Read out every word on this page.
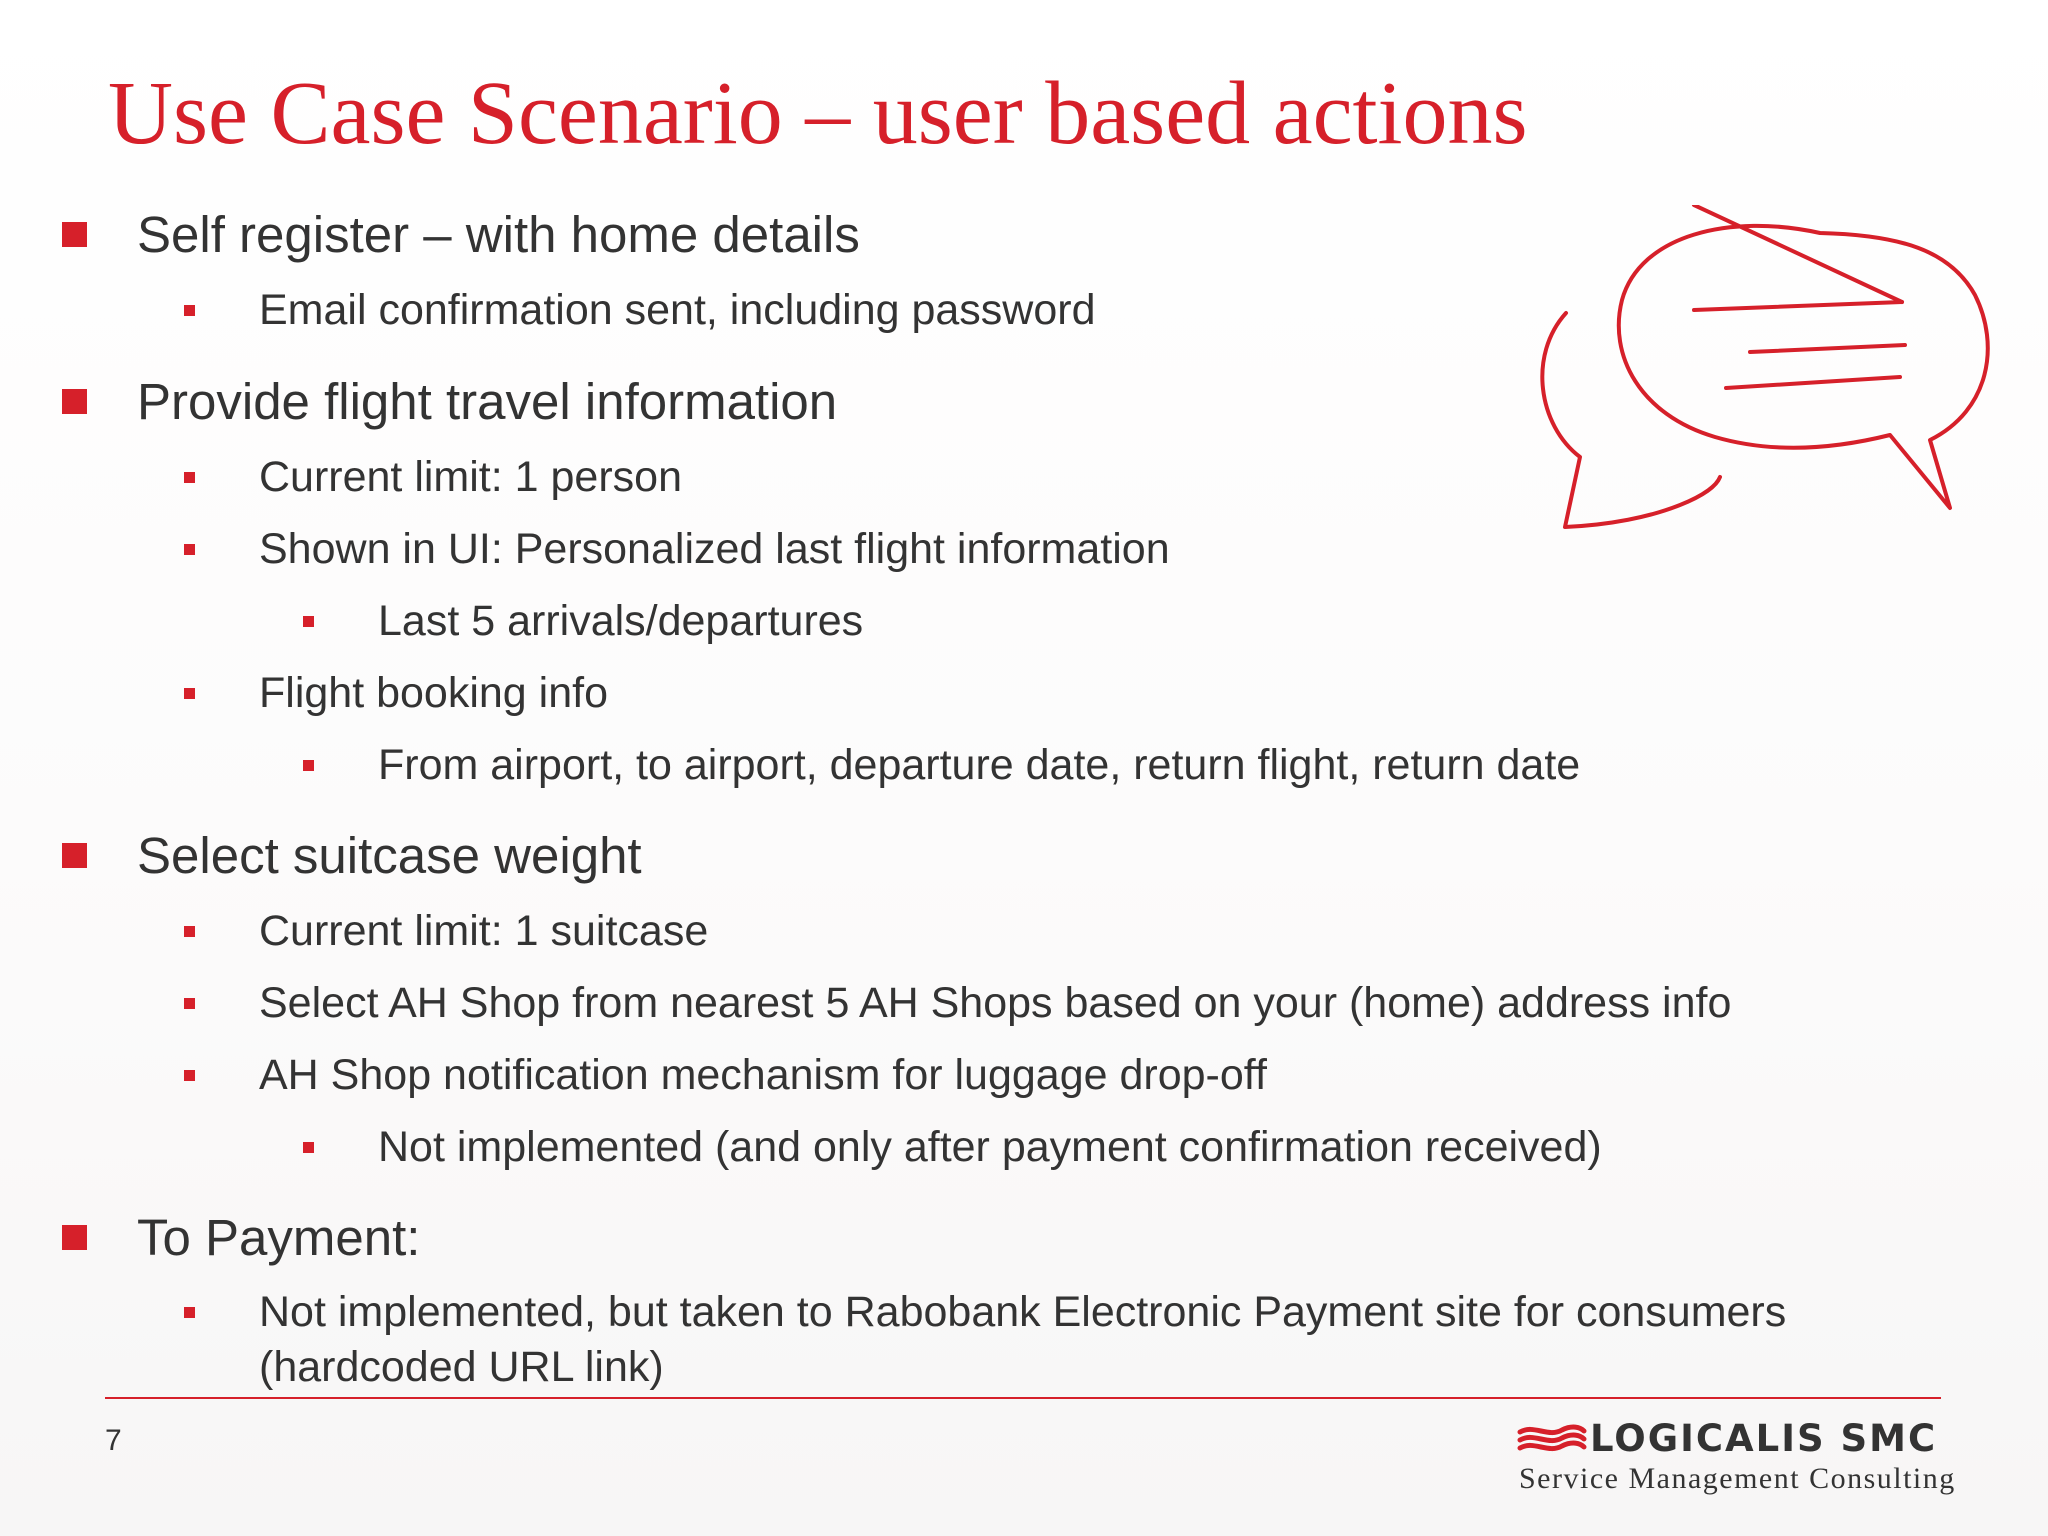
Use Case Scenario – user based actions
Self register – with home details
Email confirmation sent, including password
Provide flight travel information
Current limit: 1 person
Shown in UI: Personalized last flight information
Last 5 arrivals/departures
Flight booking info
From airport, to airport, departure date, return flight, return date
Select suitcase weight
Current limit: 1 suitcase
Select AH Shop from nearest 5 AH Shops based on your (home) address info
AH Shop notification mechanism for luggage drop-off
Not implemented (and only after payment confirmation received)
To Payment:
Not implemented, but taken to Rabobank Electronic Payment site for consumers
(hardcoded URL link)
7	LOGICALIS SMC
Service Management Consulting
